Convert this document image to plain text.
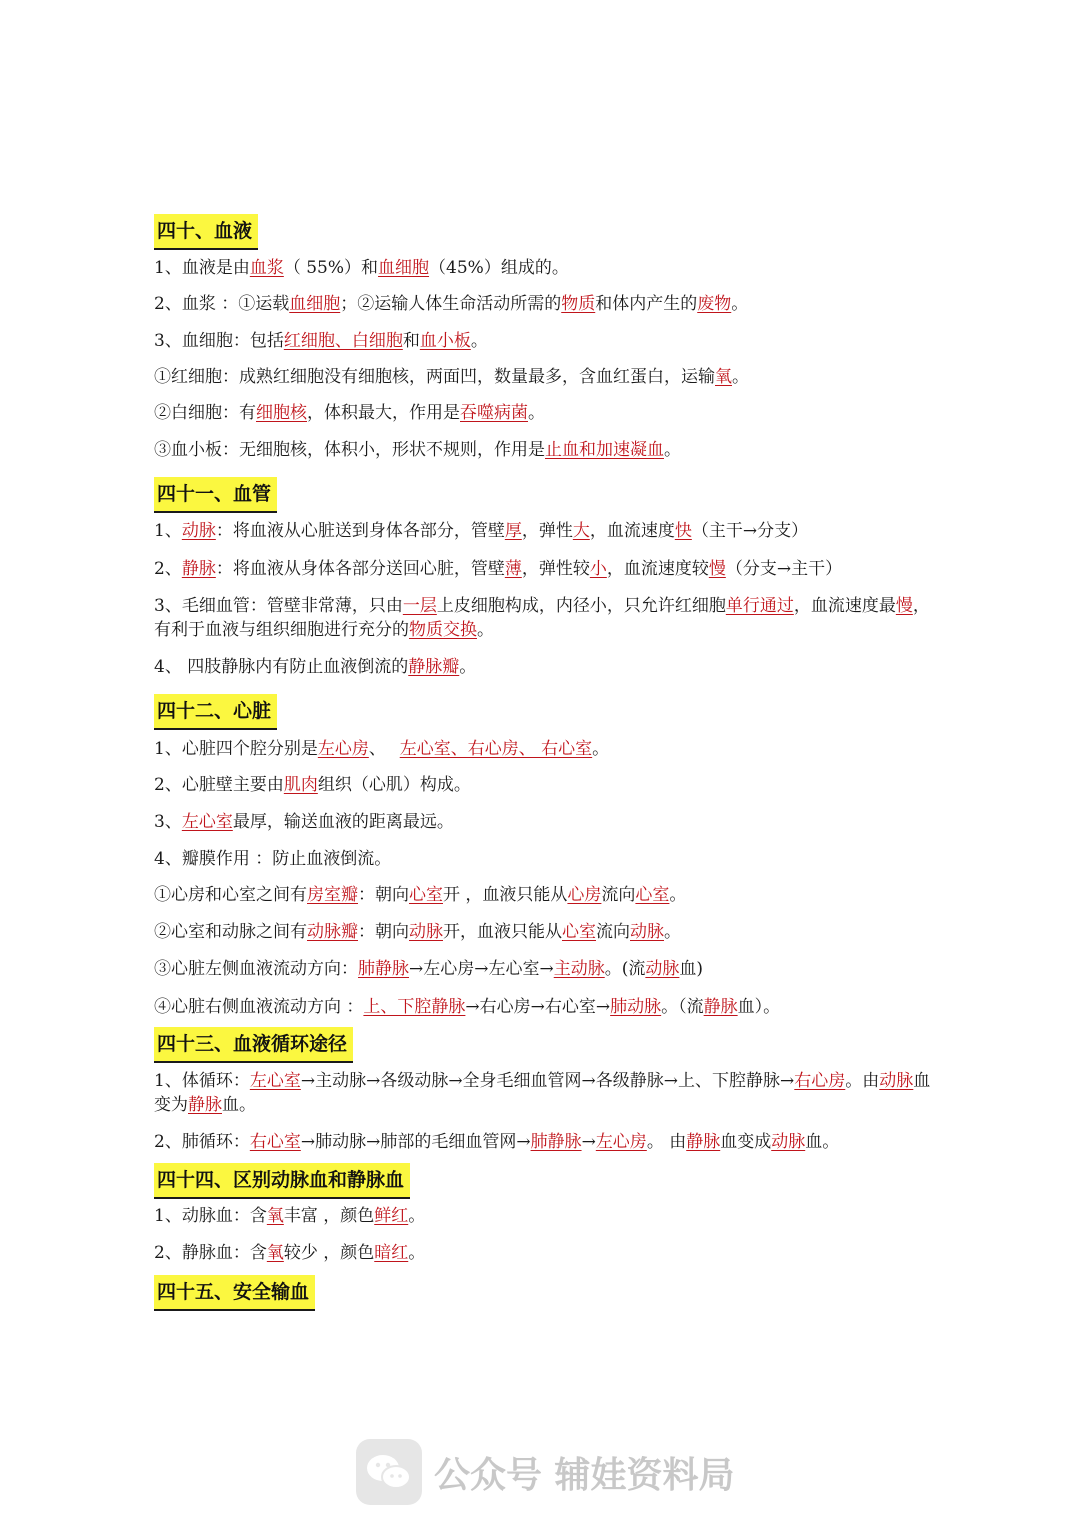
四十、血液
1、血液是由血浆（ 55%）和血细胞（45%）组成的。
2、血浆 ：①运载血细胞；②运输人体生命活动所需的物质和体内产生的废物。
3、血细胞：包括红细胞、白细胞和血小板。
①红细胞：成熟红细胞没有细胞核，两面凹，数量最多，含血红蛋白，运输氧。
②白细胞：有细胞核，体积最大，作用是吞噬病菌。
③血小板：无细胞核，体积小，形状不规则，作用是止血和加速凝血。
四十一、血管
1、动脉：将血液从心脏送到身体各部分，管壁厚，弹性大，血流速度快（主干→分支）
2、静脉：将血液从身体各部分送回心脏，管壁薄，弹性较小，血流速度较慢（分支→主干）
3、毛细血管：管壁非常薄，只由一层上皮细胞构成，内径小，只允许红细胞单行通过，血流速度最慢，有利于血液与组织细胞进行充分的物质交换。
4、 四肢静脉内有防止血液倒流的静脉瓣。
四十二、心脏
1、心脏四个腔分别是左心房、　 左心室、右心房、 右心室。
2、心脏壁主要由肌肉组织（心肌）构成。
3、左心室最厚，输送血液的距离最远。
4、瓣膜作用 ：防止血液倒流。
①心房和心室之间有房室瓣：朝向心室开 ，血液只能从心房流向心室。
②心室和动脉之间有动脉瓣：朝向动脉开，血液只能从心室流向动脉。
③心脏左侧血液流动方向：肺静脉→左心房→左心室→主动脉。(流动脉血)
④心脏右侧血液流动方向 ：上、下腔静脉→右心房→右心室→肺动脉。（流静脉血）。
四十三、血液循环途径
1、体循环：左心室→主动脉→各级动脉→全身毛细血管网→各级静脉→上、下腔静脉→右心房。由动脉血变为静脉血。
2、肺循环：右心室→肺动脉→肺部的毛细血管网→肺静脉→左心房。 由静脉血变成动脉血。
四十四、区别动脉血和静脉血
1、动脉血：含氧丰富 ，颜色鲜红。
2、静脉血：含氧较少 ，颜色暗红。
四十五、安全输血
公众号 辅娃资料局
